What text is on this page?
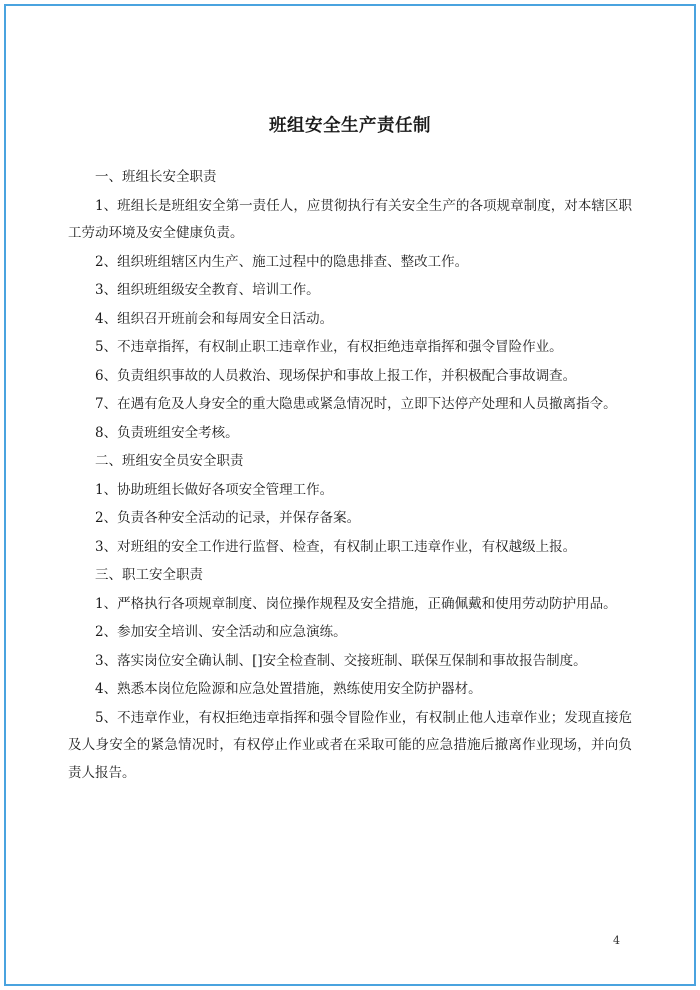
班组安全生产责任制

一、班组长安全职责

1、班组长是班组安全第一责任人，应贯彻执行有关安全生产的各项规章制度，对本辖区职工劳动环境及安全健康负责。

2、组织班组辖区内生产、施工过程中的隐患排查、整改工作。

3、组织班组级安全教育、培训工作。

4、组织召开班前会和每周安全日活动。

5、不违章指挥，有权制止职工违章作业，有权拒绝违章指挥和强令冒险作业。

6、负责组织事故的人员救治、现场保护和事故上报工作，并积极配合事故调查。

7、在遇有危及人身安全的重大隐患或紧急情况时，立即下达停产处理和人员撤离指令。

8、负责班组安全考核。

二、班组安全员安全职责

1、协助班组长做好各项安全管理工作。

2、负责各种安全活动的记录，并保存备案。

3、对班组的安全工作进行监督、检查，有权制止职工违章作业，有权越级上报。

三、职工安全职责

1、严格执行各项规章制度、岗位操作规程及安全措施，正确佩戴和使用劳动防护用品。

2、参加安全培训、安全活动和应急演练。

3、落实岗位安全确认制、[]安全检查制、交接班制、联保互保制和事故报告制度。

4、熟悉本岗位危险源和应急处置措施，熟练使用安全防护器材。

5、不违章作业，有权拒绝违章指挥和强令冒险作业，有权制止他人违章作业；发现直接危及人身安全的紧急情况时，有权停止作业或者在采取可能的应急措施后撤离作业现场，并向负责人报告。

4
